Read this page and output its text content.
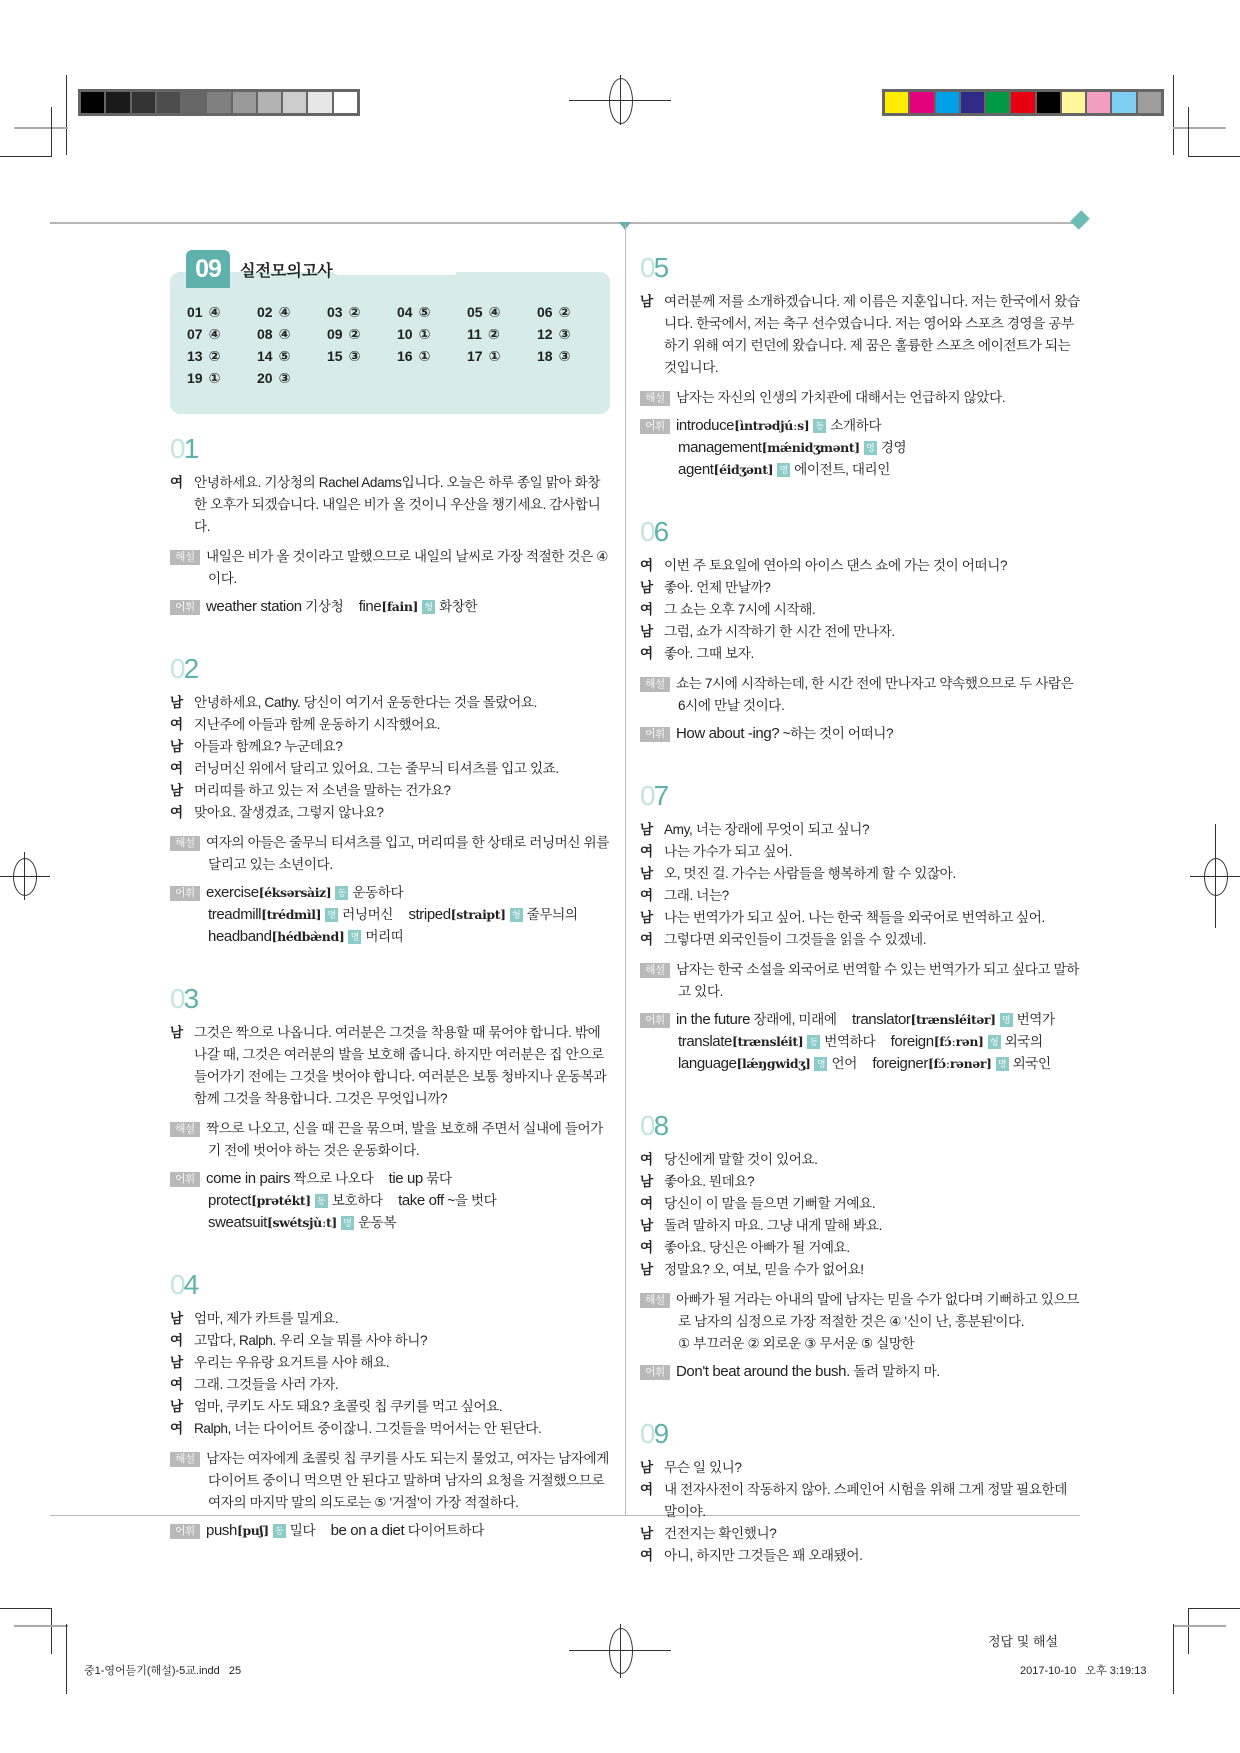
09	실전모의고사
01 ④	02 ④	03 ②	04 ⑤	05 ④	06 ②
07 ④	08 ④	09 ②	10 ①	11 ②	12 ③
13 ②	14 ⑤	15 ③	16 ①	17 ①	18 ③
19 ①	20 ③
01
여 안녕하세요. 기상청의 Rachel Adams입니다. 오늘은 하루 종일 맑아 화창한 오후가 되겠습니다. 내일은 비가 올 것이니 우산을 챙기세요. 감사합니다.
해설 내일은 비가 올 것이라고 말했으므로 내일의 날씨로 가장 적절한 것은 ④이다.
어휘 weather station 기상청 fine[fain] 형 화창한
02
남 안녕하세요, Cathy. 당신이 여기서 운동한다는 것을 몰랐어요.
여 지난주에 아들과 함께 운동하기 시작했어요.
남 아들과 함께요? 누군데요?
여 러닝머신 위에서 달리고 있어요. 그는 줄무늬 티셔츠를 입고 있죠.
남 머리띠를 하고 있는 저 소년을 말하는 건가요?
여 맞아요. 잘생겼죠, 그렇지 않나요?
해설 여자의 아들은 줄무늬 티셔츠를 입고, 머리띠를 한 상태로 러닝머신 위를 달리고 있는 소년이다.
어휘 exercise[éksərsàiz] 동 운동하다 treadmill[trédmìl] 명 러닝머신 striped[straipt] 형 줄무늬의 headband[hédbæ̀nd] 명 머리띠
03
남 그것은 짝으로 나옵니다. 여러분은 그것을 착용할 때 묶어야 합니다. 밖에 나갈 때, 그것은 여러분의 발을 보호해 줍니다. 하지만 여러분은 집 안으로 들어가기 전에는 그것을 벗어야 합니다. 여러분은 보통 청바지나 운동복과 함께 그것을 착용합니다. 그것은 무엇입니까?
해설 짝으로 나오고, 신을 때 끈을 묶으며, 발을 보호해 주면서 실내에 들어가기 전에 벗어야 하는 것은 운동화이다.
어휘 come in pairs 짝으로 나오다 tie up 묶다 protect[prətékt] 동 보호하다 take off ~을 벗다 sweatsuit[swétsjùːt] 명 운동복
04
남 엄마, 제가 카트를 밀게요.
여 고맙다, Ralph. 우리 오늘 뭐를 사야 하니?
남 우리는 우유랑 요거트를 사야 해요.
여 그래. 그것들을 사러 가자.
남 엄마, 쿠키도 사도 돼요? 초콜릿 칩 쿠키를 먹고 싶어요.
여 Ralph, 너는 다이어트 중이잖니. 그것들을 먹어서는 안 된단다.
해설 남자는 여자에게 초콜릿 칩 쿠키를 사도 되는지 물었고, 여자는 남자에게 다이어트 중이니 먹으면 안 된다고 말하며 남자의 요청을 거절했으므로 여자의 마지막 말의 의도로는 ⑤ '거절'이 가장 적절하다.
어휘 push[puʃ] 동 밀다 be on a diet 다이어트하다
05
남 여러분께 저를 소개하겠습니다. 제 이름은 지훈입니다. 저는 한국에서 왔습니다. 한국에서, 저는 축구 선수였습니다. 저는 영어와 스포츠 경영을 공부하기 위해 여기 런던에 왔습니다. 제 꿈은 훌륭한 스포츠 에이전트가 되는 것입니다.
해설 남자는 자신의 인생의 가치관에 대해서는 언급하지 않았다.
어휘 introduce[ìntrədjúːs] 동 소개하다 management[mǽnidʒmənt] 명 경영 agent[éidʒənt] 명 에이전트, 대리인
06
여 이번 주 토요일에 연아의 아이스 댄스 쇼에 가는 것이 어떠니?
남 좋아. 언제 만날까?
여 그 쇼는 오후 7시에 시작해.
남 그럼, 쇼가 시작하기 한 시간 전에 만나자.
여 좋아. 그때 보자.
해설 쇼는 7시에 시작하는데, 한 시간 전에 만나자고 약속했으므로 두 사람은 6시에 만날 것이다.
어휘 How about -ing? ~하는 것이 어떠니?
07
남 Amy, 너는 장래에 무엇이 되고 싶니?
여 나는 가수가 되고 싶어.
남 오, 멋진 걸. 가수는 사람들을 행복하게 할 수 있잖아.
여 그래. 너는?
남 나는 번역가가 되고 싶어. 나는 한국 책들을 외국어로 번역하고 싶어.
여 그렇다면 외국인들이 그것들을 읽을 수 있겠네.
해설 남자는 한국 소설을 외국어로 번역할 수 있는 번역가가 되고 싶다고 말하고 있다.
어휘 in the future 장래에, 미래에 translator[trænsléitər] 명 번역가 translate[trænsléit] 동 번역하다 foreign[fɔ́ːrən] 형 외국의 language[lǽŋgwidʒ] 명 언어 foreigner[fɔ́ːrənər] 명 외국인
08
여 당신에게 말할 것이 있어요.
남 좋아요. 뭔데요?
여 당신이 이 말을 들으면 기뻐할 거예요.
남 돌려 말하지 마요. 그냥 내게 말해 봐요.
여 좋아요. 당신은 아빠가 될 거예요.
남 정말요? 오, 여보, 믿을 수가 없어요!
해설 아빠가 될 거라는 아내의 말에 남자는 믿을 수가 없다며 기뻐하고 있으므로 남자의 심정으로 가장 적절한 것은 ④ '신이 난, 흥분된'이다.
① 부끄러운 ② 외로운 ③ 무서운 ⑤ 실망한
어휘 Don't beat around the bush. 돌려 말하지 마.
09
남 무슨 일 있니?
여 내 전자사전이 작동하지 않아. 스페인어 시험을 위해 그게 정말 필요한데 말이야.
남 건전지는 확인했니?
여 아니, 하지만 그것들은 꽤 오래됐어.
정답 및 해설
중1-영어듣기(해설)-5교.indd   25	2017-10-10   오후 3:19:13
